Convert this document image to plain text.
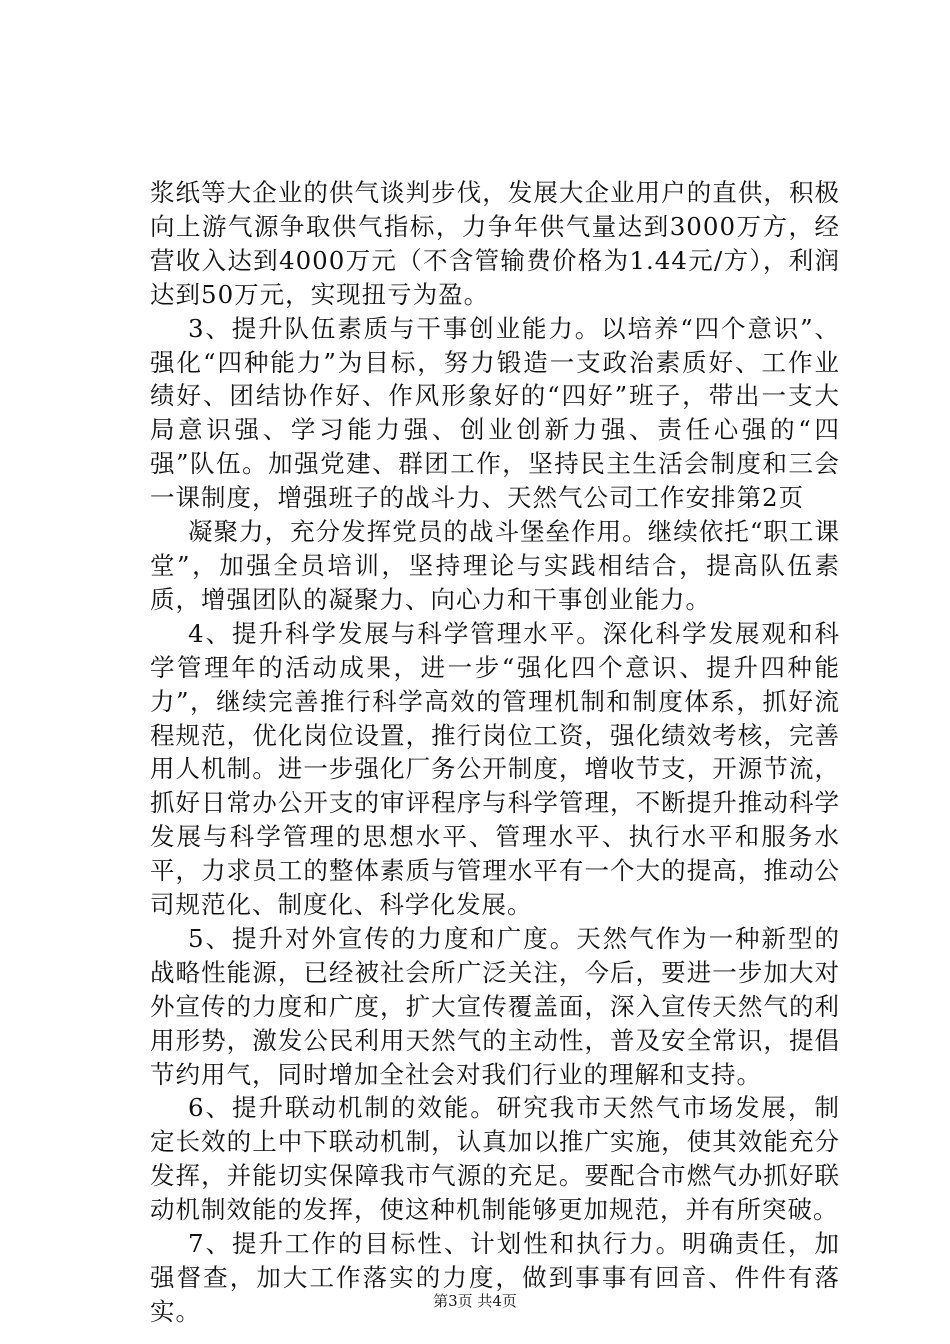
浆纸等大企业的供气谈判步伐，发展大企业用户的直供，积极向上游气源争取供气指标，力争年供气量达到3000万方，经营收入达到4000万元（不含管输费价格为1.44元/方），利润达到50万元，实现扭亏为盈。

3、提升队伍素质与干事创业能力。以培养“四个意识”、强化“四种能力”为目标，努力锻造一支政治素质好、工作业绩好、团结协作好、作风形象好的“四好”班子，带出一支大局意识强、学习能力强、创业创新力强、责任心强的“四强”队伍。加强党建、群团工作，坚持民主生活会制度和三会一课制度，增强班子的战斗力、天然气公司工作安排第2页

凝聚力，充分发挥党员的战斗堡垒作用。继续依托“职工课堂”，加强全员培训，坚持理论与实践相结合，提高队伍素质，增强团队的凝聚力、向心力和干事创业能力。

4、提升科学发展与科学管理水平。深化科学发展观和科学管理年的活动成果，进一步“强化四个意识、提升四种能力”，继续完善推行科学高效的管理机制和制度体系，抓好流程规范，优化岗位设置，推行岗位工资，强化绩效考核，完善用人机制。进一步强化厂务公开制度，增收节支，开源节流，抓好日常办公开支的审评程序与科学管理，不断提升推动科学发展与科学管理的思想水平、管理水平、执行水平和服务水平，力求员工的整体素质与管理水平有一个大的提高，推动公司规范化、制度化、科学化发展。

5、提升对外宣传的力度和广度。天然气作为一种新型的战略性能源，已经被社会所广泛关注，今后，要进一步加大对外宣传的力度和广度，扩大宣传覆盖面，深入宣传天然气的利用形势，激发公民利用天然气的主动性，普及安全常识，提倡节约用气，同时增加全社会对我们行业的理解和支持。

6、提升联动机制的效能。研究我市天然气市场发展，制定长效的上中下联动机制，认真加以推广实施，使其效能充分发挥，并能切实保障我市气源的充足。要配合市燃气办抓好联动机制效能的发挥，使这种机制能够更加规范，并有所突破。

7、提升工作的目标性、计划性和执行力。明确责任，加强督查，加大工作落实的力度，做到事事有回音、件件有落实。	第3页 共4页
